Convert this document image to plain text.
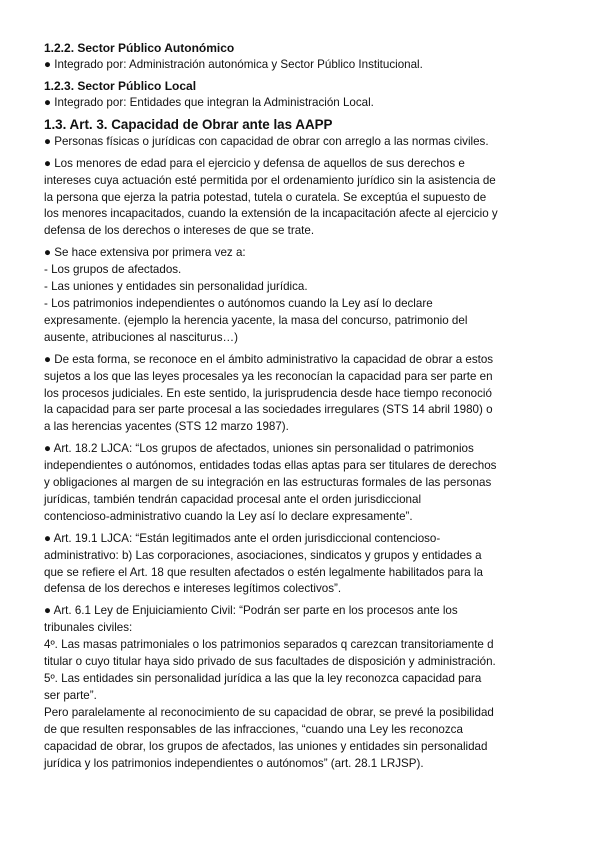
1.2.2. Sector Público Autonómico
● Integrado por: Administración autonómica y Sector Público Institucional.
1.2.3. Sector Público Local
● Integrado por: Entidades que integran la Administración Local.
1.3. Art. 3. Capacidad de Obrar ante las AAPP
● Personas físicas o jurídicas con capacidad de obrar con arreglo a las normas civiles.
● Los menores de edad para el ejercicio y defensa de aquellos de sus derechos e
intereses cuya actuación esté permitida por el ordenamiento jurídico sin la asistencia de
la persona que ejerza la patria potestad, tutela o curatela. Se exceptúa el supuesto de
los menores incapacitados, cuando la extensión de la incapacitación afecte al ejercicio y
defensa de los derechos o intereses de que se trate.
● Se hace extensiva por primera vez a:
- Los grupos de afectados.
- Las uniones y entidades sin personalidad jurídica.
- Los patrimonios independientes o autónomos cuando la Ley así lo declare
expresamente. (ejemplo la herencia yacente, la masa del concurso, patrimonio del
ausente, atribuciones al nasciturus…)
● De esta forma, se reconoce en el ámbito administrativo la capacidad de obrar a estos
sujetos a los que las leyes procesales ya les reconocían la capacidad para ser parte en
los procesos judiciales. En este sentido, la jurisprudencia desde hace tiempo reconoció
la capacidad para ser parte procesal a las sociedades irregulares (STS 14 abril 1980) o
a las herencias yacentes (STS 12 marzo 1987).
● Art. 18.2 LJCA: “Los grupos de afectados, uniones sin personalidad o patrimonios
independientes o autónomos, entidades todas ellas aptas para ser titulares de derechos
y obligaciones al margen de su integración en las estructuras formales de las personas
jurídicas, también tendrán capacidad procesal ante el orden jurisdiccional
contencioso-administrativo cuando la Ley así lo declare expresamente”.
● Art. 19.1 LJCA: “Están legitimados ante el orden jurisdiccional contencioso-
administrativo: b) Las corporaciones, asociaciones, sindicatos y grupos y entidades a
que se refiere el Art. 18 que resulten afectados o estén legalmente habilitados para la
defensa de los derechos e intereses legítimos colectivos”.
● Art. 6.1 Ley de Enjuiciamiento Civil: “Podrán ser parte en los procesos ante los
tribunales civiles:
4º. Las masas patrimoniales o los patrimonios separados q carezcan transitoriamente d
titular o cuyo titular haya sido privado de sus facultades de disposición y administración.
5º. Las entidades sin personalidad jurídica a las que la ley reconozca capacidad para
ser parte”.
Pero paralelamente al reconocimiento de su capacidad de obrar, se prevé la posibilidad
de que resulten responsables de las infracciones, “cuando una Ley les reconozca
capacidad de obrar, los grupos de afectados, las uniones y entidades sin personalidad
jurídica y los patrimonios independientes o autónomos” (art. 28.1 LRJSP).
